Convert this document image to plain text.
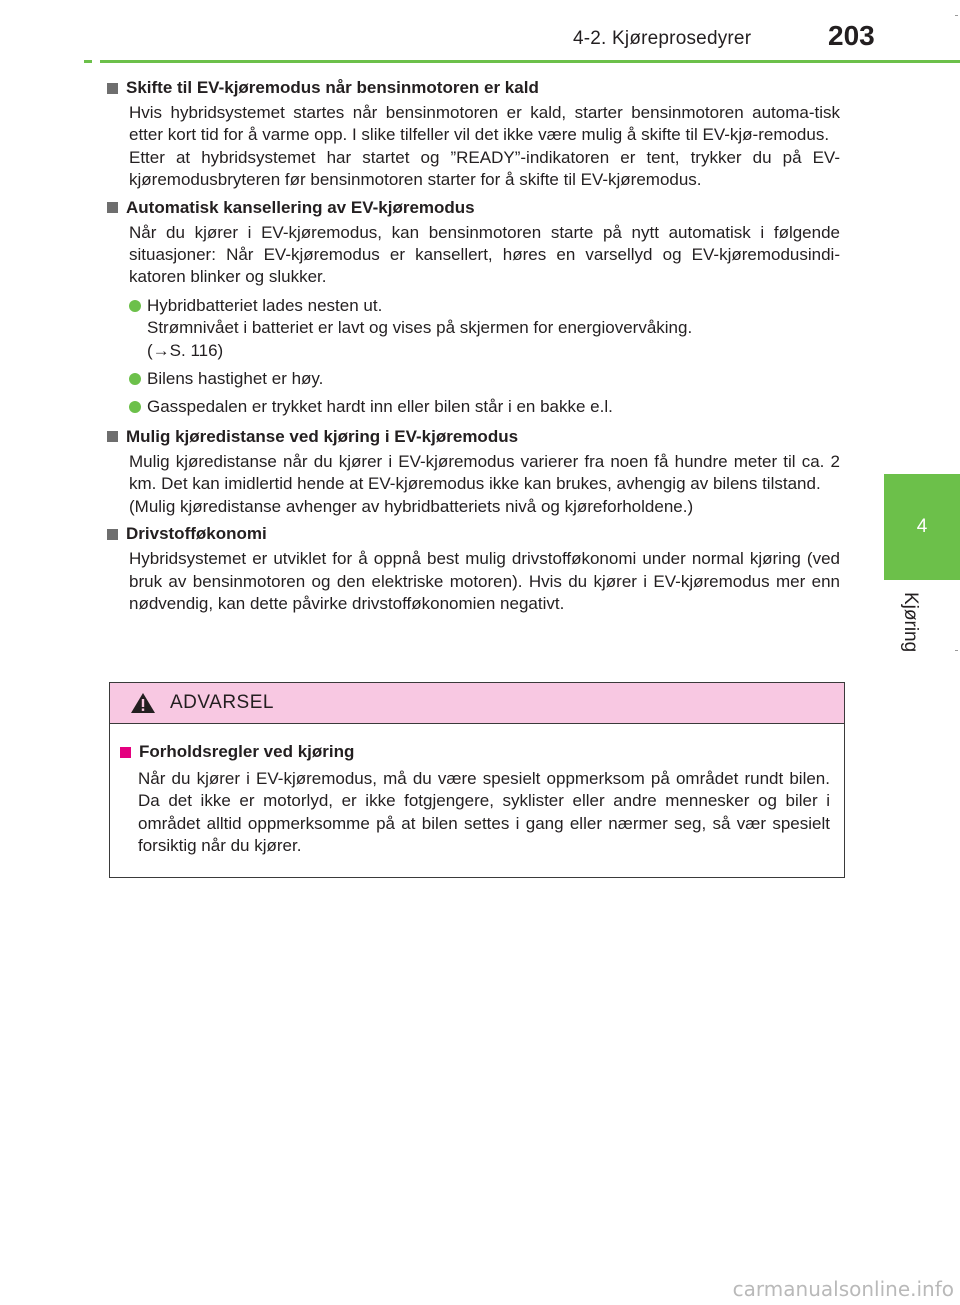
4-2. Kjøreprosedyrer	203
4
Kjøring
Skifte til EV-kjøremodus når bensinmotoren er kald
Hvis hybridsystemet startes når bensinmotoren er kald, starter bensinmotoren automa-tisk etter kort tid for å varme opp. I slike tilfeller vil det ikke være mulig å skifte til EV-kjø-remodus.
Etter at hybridsystemet har startet og ”READY”-indikatoren er tent, trykker du på EV-kjøremodusbryteren før bensinmotoren starter for å skifte til EV-kjøremodus.
Automatisk kansellering av EV-kjøremodus
Når du kjører i EV-kjøremodus, kan bensinmotoren starte på nytt automatisk i følgende situasjoner: Når EV-kjøremodus er kansellert, høres en varsellyd og EV-kjøremodusindi-katoren blinker og slukker.
Hybridbatteriet lades nesten ut.
Strømnivået i batteriet er lavt og vises på skjermen for energiovervåking.
(→S. 116)
Bilens hastighet er høy.
Gasspedalen er trykket hardt inn eller bilen står i en bakke e.l.
Mulig kjøredistanse ved kjøring i EV-kjøremodus
Mulig kjøredistanse når du kjører i EV-kjøremodus varierer fra noen få hundre meter til ca. 2 km. Det kan imidlertid hende at EV-kjøremodus ikke kan brukes, avhengig av bilens tilstand.
(Mulig kjøredistanse avhenger av hybridbatteriets nivå og kjøreforholdene.)
Drivstofføkonomi
Hybridsystemet er utviklet for å oppnå best mulig drivstofføkonomi under normal kjøring (ved bruk av bensinmotoren og den elektriske motoren). Hvis du kjører i EV-kjøremodus mer enn nødvendig, kan dette påvirke drivstofføkonomien negativt.
ADVARSEL
Forholdsregler ved kjøring
Når du kjører i EV-kjøremodus, må du være spesielt oppmerksom på området rundt bilen. Da det ikke er motorlyd, er ikke fotgjengere, syklister eller andre mennesker og biler i området alltid oppmerksomme på at bilen settes i gang eller nærmer seg, så vær spesielt forsiktig når du kjører.
carmanualsonline.info
